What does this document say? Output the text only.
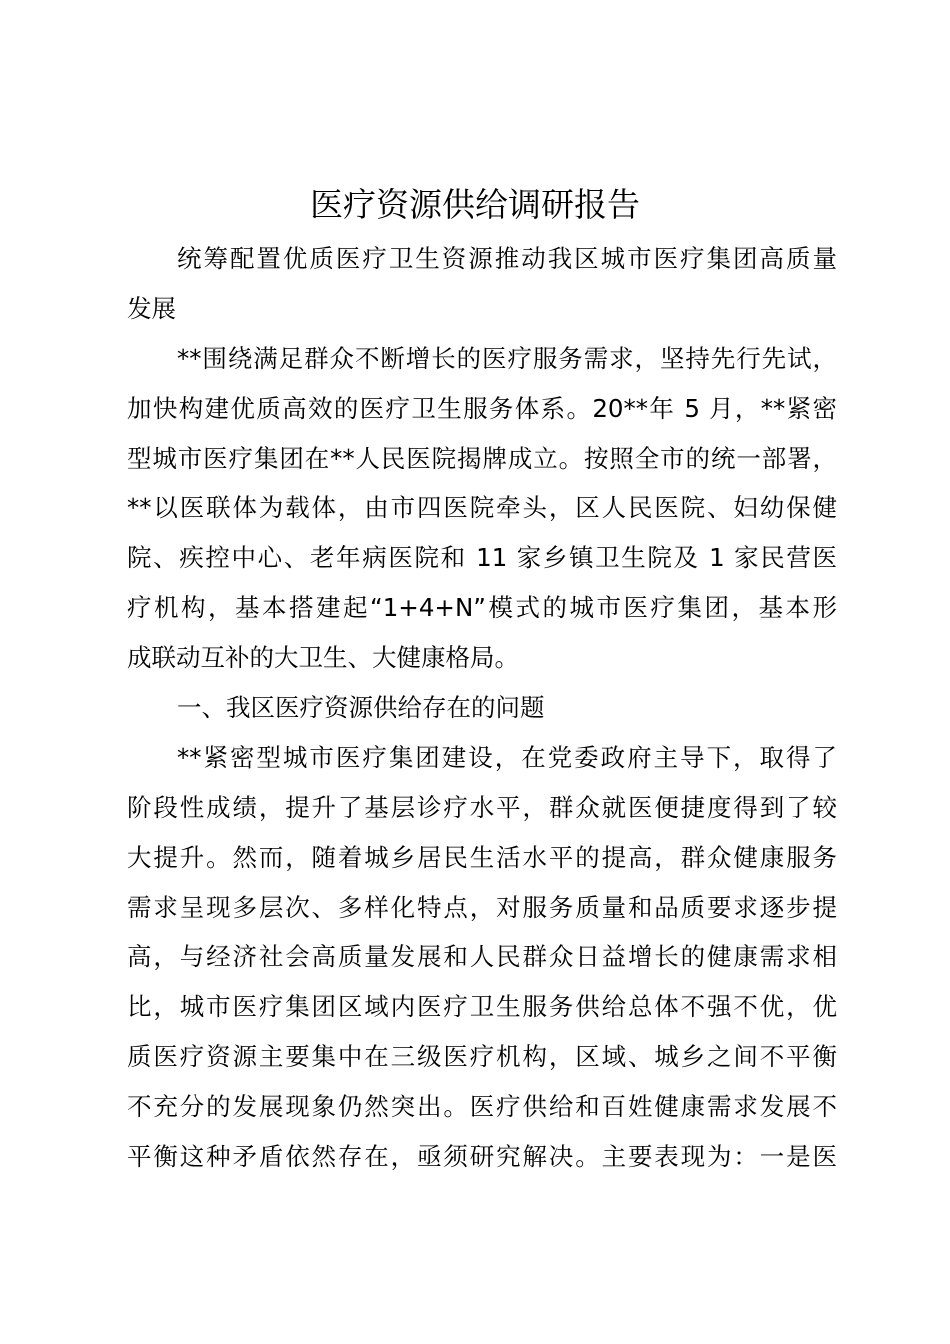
医疗资源供给调研报告
统筹配置优质医疗卫生资源推动我区城市医疗集团高质量
发展
**围绕满足群众不断增长的医疗服务需求，坚持先行先试，
加快构建优质高效的医疗卫生服务体系。20**年 5 月，**紧密
型城市医疗集团在**人民医院揭牌成立。按照全市的统一部署，
**以医联体为载体，由市四医院牵头，区人民医院、妇幼保健
院、疾控中心、老年病医院和 11 家乡镇卫生院及 1 家民营医
疗机构，基本搭建起“1+4+N”模式的城市医疗集团，基本形
成联动互补的大卫生、大健康格局。
一、我区医疗资源供给存在的问题
**紧密型城市医疗集团建设，在党委政府主导下，取得了
阶段性成绩，提升了基层诊疗水平，群众就医便捷度得到了较
大提升。然而，随着城乡居民生活水平的提高，群众健康服务
需求呈现多层次、多样化特点，对服务质量和品质要求逐步提
高，与经济社会高质量发展和人民群众日益增长的健康需求相
比，城市医疗集团区域内医疗卫生服务供给总体不强不优，优
质医疗资源主要集中在三级医疗机构，区域、城乡之间不平衡
不充分的发展现象仍然突出。医疗供给和百姓健康需求发展不
平衡这种矛盾依然存在，亟须研究解决。主要表现为：一是医
